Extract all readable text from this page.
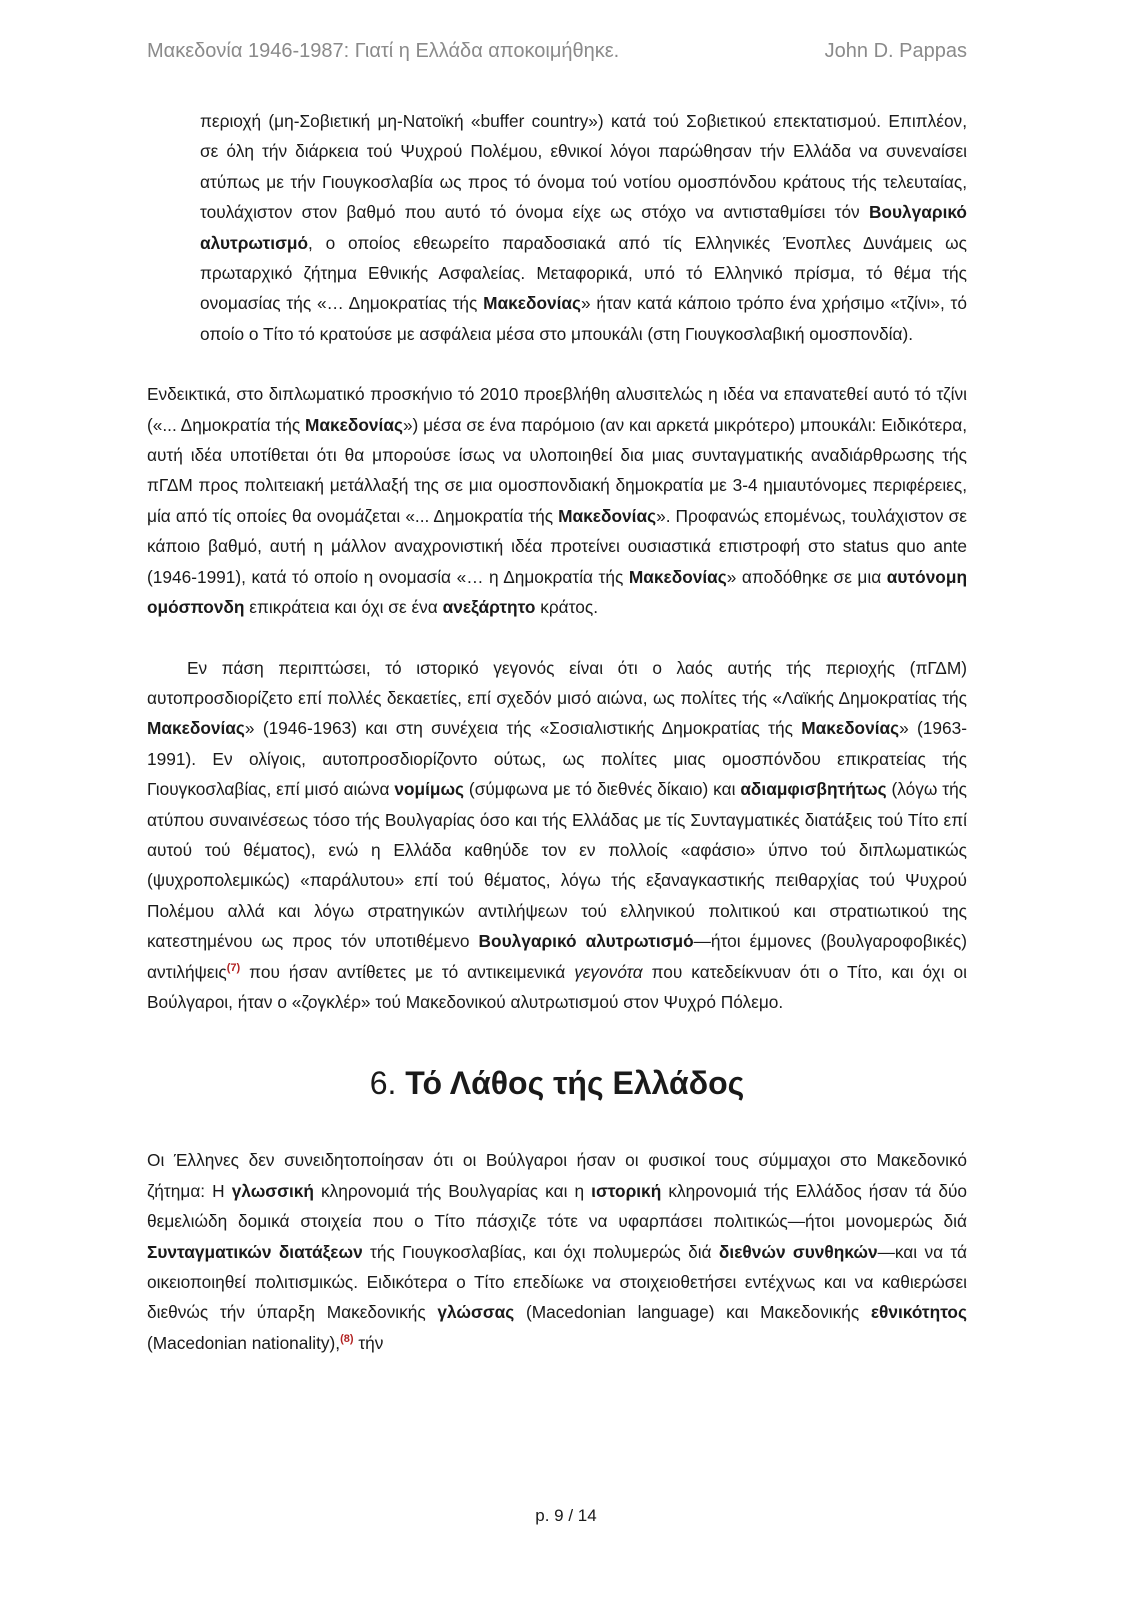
Μακεδονία 1946-1987: Γιατί η Ελλάδα αποκοιμήθηκε.	John D. Pappas

περιοχή (μη-Σοβιετική μη-Νατοϊκή «buffer country») κατά τού Σοβιετικού επεκτατισμού. Επιπλέον, σε όλη τήν διάρκεια τού Ψυχρού Πολέμου, εθνικοί λόγοι παρώθησαν τήν Ελλάδα να συνεναίσει ατύπως με τήν Γιουγκοσλαβία ως προς τό όνομα τού νοτίου ομοσπόνδου κράτους τής τελευταίας, τουλάχιστον στον βαθμό που αυτό τό όνομα είχε ως στόχο να αντισταθμίσει τόν Βουλγαρικό αλυτρωτισμό, ο οποίος εθεωρείτο παραδοσιακά από τίς Ελληνικές Ένοπλες Δυνάμεις ως πρωταρχικό ζήτημα Εθνικής Ασφαλείας. Μεταφορικά, υπό τό Ελληνικό πρίσμα, τό θέμα τής ονομασίας τής «… Δημοκρατίας τής Μακεδονίας» ήταν κατά κάποιο τρόπο ένα χρήσιμο «τζίνι», τό οποίο ο Τίτο τό κρατούσε με ασφάλεια μέσα στο μπουκάλι (στη Γιουγκοσλαβική ομοσπονδία).

Ενδεικτικά, στο διπλωματικό προσκήνιο τό 2010 προεβλήθη αλυσιτελώς η ιδέα να επανατεθεί αυτό τό τζίνι («... Δημοκρατία τής Μακεδονίας») μέσα σε ένα παρόμοιο (αν και αρκετά μικρότερο) μπουκάλι: Ειδικότερα, αυτή ιδέα υποτίθεται ότι θα μπορούσε ίσως να υλοποιηθεί δια μιας συνταγματικής αναδιάρθρωσης τής πΓΔΜ προς πολιτειακή μετάλλαξή της σε μια ομοσπονδιακή δημοκρατία με 3-4 ημιαυτόνομες περιφέρειες, μία από τίς οποίες θα ονομάζεται «... Δημοκρατία τής Μακεδονίας». Προφανώς επομένως, τουλάχιστον σε κάποιο βαθμό, αυτή η μάλλον αναχρονιστική ιδέα προτείνει ουσιαστικά επιστροφή στο status quo ante (1946-1991), κατά τό οποίο η ονομασία «… η Δημοκρατία τής Μακεδονίας» αποδόθηκε σε μια αυτόνομη ομόσπονδη επικράτεια και όχι σε ένα ανεξάρτητο κράτος.

Εν πάση περιπτώσει, τό ιστορικό γεγονός είναι ότι ο λαός αυτής τής περιοχής (πΓΔΜ) αυτοπροσδιορίζετο επί πολλές δεκαετίες, επί σχεδόν μισό αιώνα, ως πολίτες τής «Λαϊκής Δημοκρατίας τής Μακεδονίας» (1946-1963) και στη συνέχεια τής «Σοσιαλιστικής Δημοκρατίας τής Μακεδονίας» (1963-1991). Εν ολίγοις, αυτοπροσδιορίζοντο ούτως, ως πολίτες μιας ομοσπόνδου επικρατείας τής Γιουγκοσλαβίας, επί μισό αιώνα νομίμως (σύμφωνα με τό διεθνές δίκαιο) και αδιαμφισβητήτως (λόγω τής ατύπου συναινέσεως τόσο τής Βουλγαρίας όσο και τής Ελλάδας με τίς Συνταγματικές διατάξεις τού Τίτο επί αυτού τού θέματος), ενώ η Ελλάδα καθηύδε τον εν πολλοίς «αφάσιο» ύπνο τού διπλωματικώς (ψυχροπολεμικώς) «παράλυτου» επί τού θέματος, λόγω τής εξαναγκαστικής πειθαρχίας τού Ψυχρού Πολέμου αλλά και λόγω στρατηγικών αντιλήψεων τού ελληνικού πολιτικού και στρατιωτικού της κατεστημένου ως προς τόν υποτιθέμενο Βουλγαρικό αλυτρωτισμό—ήτοι έμμονες (βουλγαροφοβικές) αντιλήψεις$^{(7)}$ που ήσαν αντίθετες με τό αντικειμενικά γεγονότα που κατεδείκνυαν ότι ο Τίτο, και όχι οι Βούλγαροι, ήταν ο «ζογκλέρ» τού Μακεδονικού αλυτρωτισμού στον Ψυχρό Πόλεμο.

6. Τό Λάθος τής Ελλάδος

Οι Έλληνες δεν συνειδητοποίησαν ότι οι Βούλγαροι ήσαν οι φυσικοί τους σύμμαχοι στο Μακεδονικό ζήτημα: Η γλωσσική κληρονομιά τής Βουλγαρίας και η ιστορική κληρονομιά τής Ελλάδος ήσαν τά δύο θεμελιώδη δομικά στοιχεία που ο Τίτο πάσχιζε τότε να υφαρπάσει πολιτικώς—ήτοι μονομερώς διά Συνταγματικών διατάξεων τής Γιουγκοσλαβίας, και όχι πολυμερώς διά διεθνών συνθηκών—και να τά οικειοποιηθεί πολιτισμικώς. Ειδικότερα ο Τίτο επεδίωκε να στοιχειοθετήσει εντέχνως και να καθιερώσει διεθνώς τήν ύπαρξη Μακεδονικής γλώσσας (Macedonian language) και Μακεδονικής εθνικότητος (Macedonian nationality),$^{(8)}$ τήν

p. 9 / 14
